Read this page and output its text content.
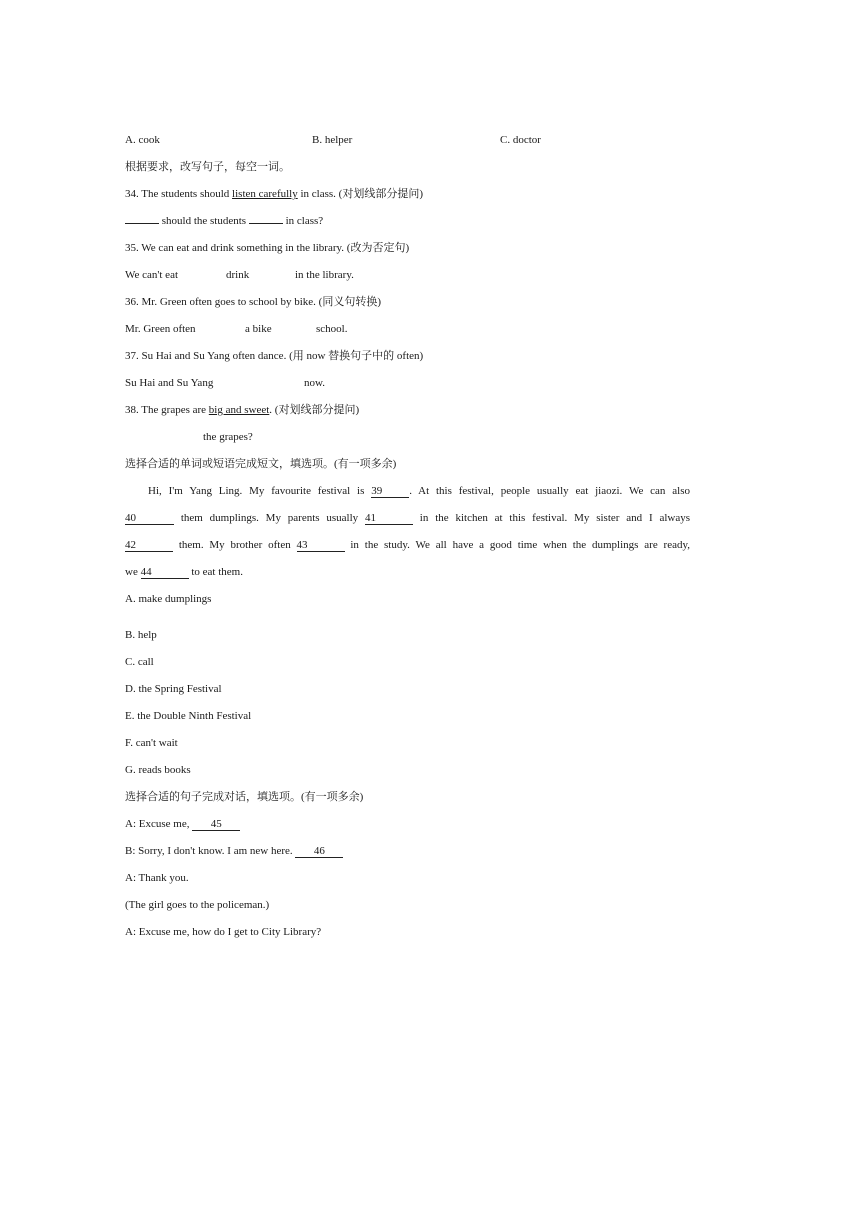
A. cook	B. helper	C. doctor
根据要求，改写句子，每空一词。
34. The students should listen carefully in class. (对划线部分提问)
should the students	in class?
35. We can eat and drink something in the library. (改为否定句)
We can't eat	drink	in the library.
36. Mr. Green often goes to school by bike. (同义句转换)
Mr. Green often	a bike	school.
37. Su Hai and Su Yang often dance. (用 now 替换句子中的 often)
Su Hai and Su Yang	now.
38. The grapes are big and sweet. (对划线部分提问)
the grapes?
选择合适的单词或短语完成短文，填选项。(有一项多余)
Hi, I'm Yang Ling. My favourite festival is 39 . At this festival, people usually eat jiaozi. We can also
40	them dumplings. My parents usually 41	in the kitchen at this festival. My sister and I always
42	them. My brother often 43	in the study. We all have a good time when the dumplings are ready,
we 44	to eat them.
A. make dumplings
B. help
C. call
D. the Spring Festival
E. the Double Ninth Festival
F. can't wait
G. reads books
选择合适的句子完成对话，填选项。(有一项多余)
A: Excuse me, 45
B: Sorry, I don't know. I am new here. 46
A: Thank you.
(The girl goes to the policeman.)
A: Excuse me, how do I get to City Library?
